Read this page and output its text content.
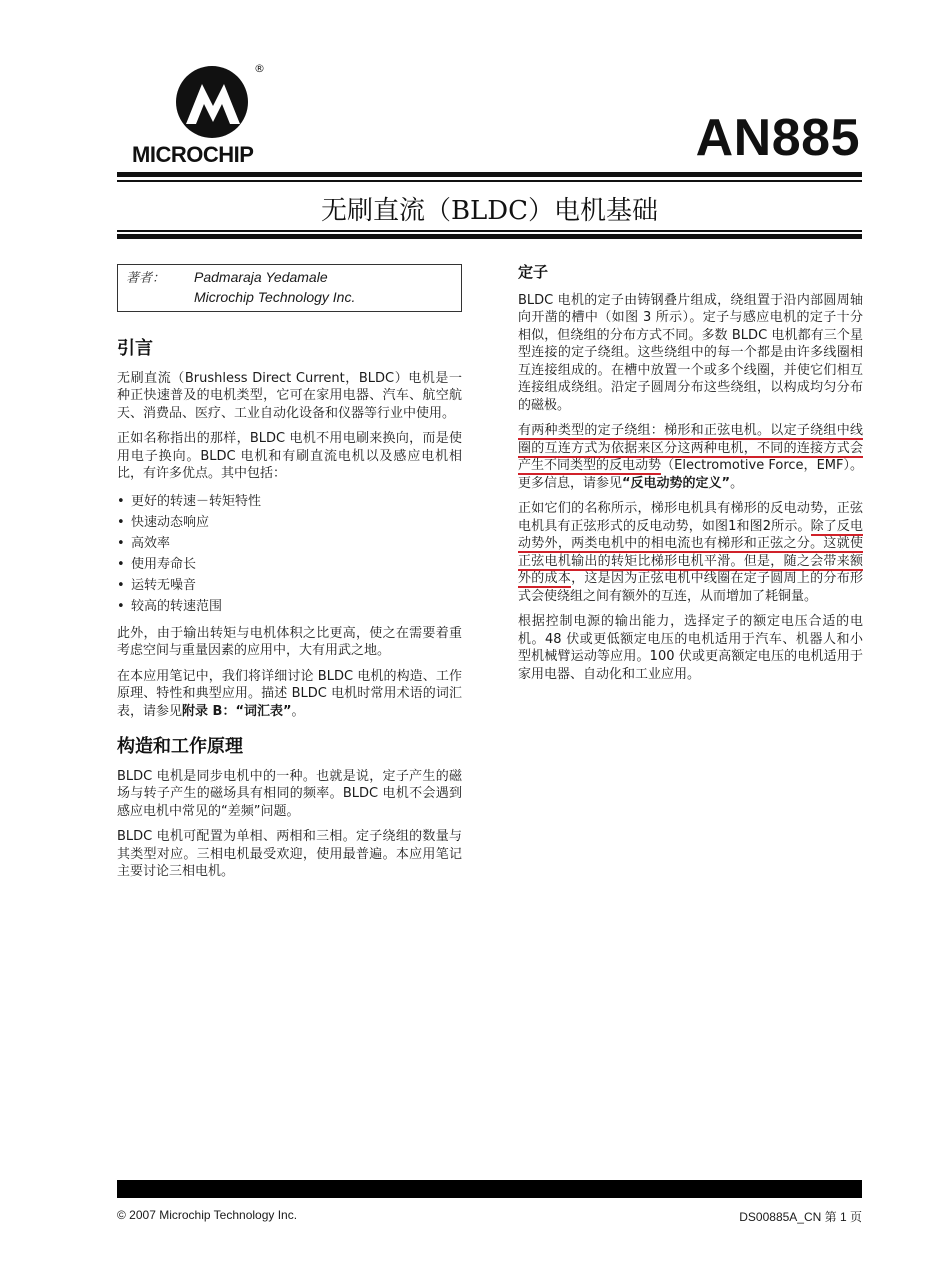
®
MICROCHIP	AN885
无刷直流（BLDC）电机基础
著者： Padmaraja Yedamale
Microchip Technology Inc.
引言

无刷直流（Brushless Direct Current，BLDC）电机是一种正快速普及的电机类型，它可在家用电器、汽车、航空航天、消费品、医疗、工业自动化设备和仪器等行业中使用。

正如名称指出的那样，BLDC 电机不用电刷来换向，而是使用电子换向。BLDC 电机和有刷直流电机以及感应电机相比，有许多优点。其中包括：

• 更好的转速－转矩特性
• 快速动态响应
• 高效率
• 使用寿命长
• 运转无噪音
• 较高的转速范围

此外，由于输出转矩与电机体积之比更高，使之在需要着重考虑空间与重量因素的应用中，大有用武之地。

在本应用笔记中，我们将详细讨论 BLDC 电机的构造、工作原理、特性和典型应用。描述 BLDC 电机时常用术语的词汇表，请参见附录 B：“词汇表”。

构造和工作原理

BLDC 电机是同步电机中的一种。也就是说，定子产生的磁场与转子产生的磁场具有相同的频率。BLDC 电机不会遇到感应电机中常见的“差频”问题。

BLDC 电机可配置为单相、两相和三相。定子绕组的数量与其类型对应。三相电机最受欢迎，使用最普遍。本应用笔记主要讨论三相电机。

定子

BLDC 电机的定子由铸钢叠片组成，绕组置于沿内部圆周轴向开凿的槽中（如图 3 所示）。定子与感应电机的定子十分相似，但绕组的分布方式不同。多数 BLDC 电机都有三个星型连接的定子绕组。这些绕组中的每一个都是由许多线圈相互连接组成的。在槽中放置一个或多个线圈，并使它们相互连接组成绕组。沿定子圆周分布这些绕组，以构成均匀分布的磁极。

有两种类型的定子绕组：梯形和正弦电机。以定子绕组中线圈的互连方式为依据来区分这两种电机，不同的连接方式会产生不同类型的反电动势（Electromotive Force，EMF）。更多信息，请参见“反电动势的定义”。

正如它们的名称所示，梯形电机具有梯形的反电动势，正弦电机具有正弦形式的反电动势，如图1和图2所示。除了反电动势外，两类电机中的相电流也有梯形和正弦之分。这就使正弦电机输出的转矩比梯形电机平滑。但是，随之会带来额外的成本，这是因为正弦电机中线圈在定子圆周上的分布形式会使绕组之间有额外的互连，从而增加了耗铜量。

根据控制电源的输出能力，选择定子的额定电压合适的电机。48 伏或更低额定电压的电机适用于汽车、机器人和小型机械臂运动等应用。100 伏或更高额定电压的电机适用于家用电器、自动化和工业应用。

© 2007 Microchip Technology Inc.	DS00885A_CN 第 1 页
